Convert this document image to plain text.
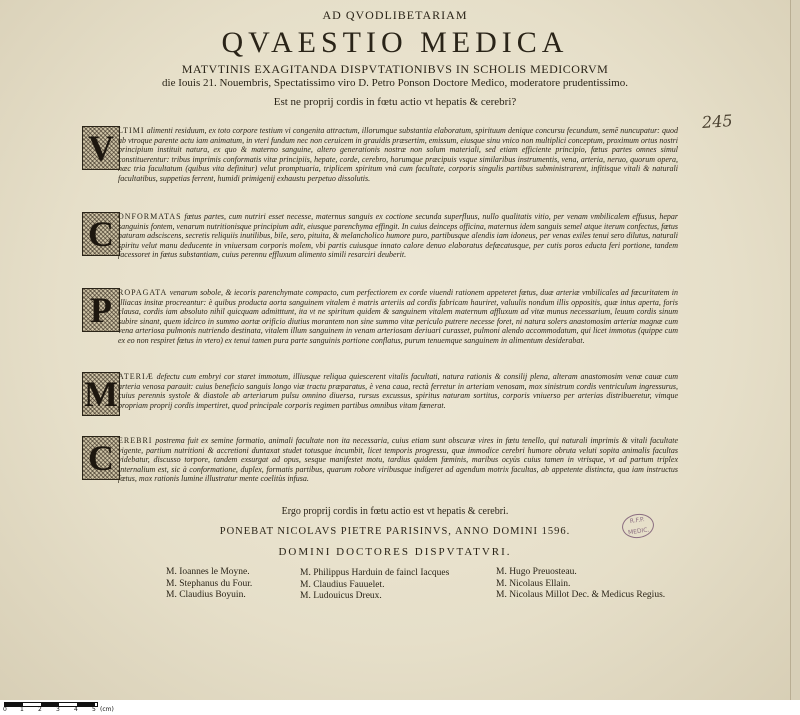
AD QVODLIBETARIAM
QVAESTIO MEDICA
MATVTINIS EXAGITANDA DISPVTATIONIBVS IN SCHOLIS MEDICORVM
die Iouis 21. Nouembris, Spectatissimo viro D. Petro Ponson Doctore Medico, moderatore prudentissimo.
Est ne proprij cordis in fœtu actio vt hepatis & cerebri?
245
V LTIMI alimenti residuum, ex toto corpore testium vi congenita attractum, illorumque substantia elaboratum, spirituum denique concursu fecundum, semē nuncupatur: quod ab vtroque parente actu iam animatum, in vteri fundum nec non ceruicem in grauidis præsertim, emissum, eiusque sinu vnico non multiplici conceptum, proximum ortus nostri principium instituit natura, ex quo & materno sanguine, altero generationis nostræ non solum materiali, sed etiam efficiente principio, fœtus partes omnes simul constituerentur: tribus imprimis conformatis vitæ principiis, hepate, corde, cerebro, horumque præcipuis vsque similaribus instrumentis, vena, arteria, neruo, quorum opera, hæc tria facultatum (quibus vita definitur) velut promptuaria, triplicem spiritum vnà cum facultate, corporis singulis partibus subministrarent, infitisque vitali & naturali facultatibus, suppetias ferrent, humidi primigenij exhaustu perpetuo dissolutis.
C ONFORMATAS fœtus partes, cum nutriri esset necesse, maternus sanguis ex coctione secunda superfluus, nullo qualitatis vitio, per venam vmbilicalem effusus, hepar sanguinis fontem, venarum nutritionisque principium adit, eiusque parenchyma effingit. In cuius deinceps officina, maternus idem sanguis semel atque iterum confectus, fœtus naturam adsciscens, secretis reliquiis inutilibus, bile, sero, pituita, & melancholico humore puro, partibusque alendis iam idoneus, per venas exiles tenui sero dilutus, naturali spiritu velut manu deducente in vniuersam corporis molem, vbi partis cuiusque innato calore denuo elaboratus defæcatusque, per cutis poros educta feri portione, tandem facessoret in fœtus substantiam, cuius perennu effluxum alimento simili resarciri deuberit.
P ROPAGATA venarum sobole, & iecoris parenchymate compacto, cum perfectiorem ex corde viuendi rationem appeteret fœtus, duæ arteriæ vmbilicales ad fœcuritatem in illiacas insitæ procreantur: è quibus producta aorta sanguinem vitalem è matris arteriis ad cordis fabricam hauriret, valuulis nondum illis oppositis, quæ intus aperta, foris clausa, cordis iam absoluto nihil quicquam admitttunt, ita vt ne spiritum quidem & sanguinem vitalem maternum affluxum ad vitæ munus necessarium, leuum cordis sinum subire sinant, quem idcirco in summo aortæ orificio diutius morantem non sine summo vitæ periculo putrere necesse foret, ni natura solers anastomosim arteriæ magnæ cum vena arteriosa pulmonis nutriendo destinata, vitalem illum sanguinem in venam arteriosam deriuari curasset, pulmoni alendo accommodatum, qui licet immotus (quippe cum ex eo non respiret fœtus in vtero) ex tenui tamen pura parte sanguinis portione conflatus, purum tenuemque sanguinem in alimentum desiderabat.
M ATERIÆ defectu cum embryi cor staret immotum, illiusque reliqua quiescerent vitalis facultati, natura rationis & consilij plena, alteram anastomosim venæ cauæ cum arteria venosa parauit: cuius beneficio sanguis longo viæ tractu præparatus, è vena caua, rectà ferretur in arteriam venosam, mox sinistrum cordis ventriculum ingressurus, cuius perennis systole & diastole ab arteriarum pulsu omnino diuersa, rursus excussus, spiritus naturam sortitus, corporis vniuerso per arterias distribueretur, vimque propriam proprij cordis impertiret, quod principale corporis regimen partibus omnibus vitam fœnerat.
C EREBRI postrema fuit ex semine formatio, animali facultate non ita necessaria, cuius etiam sunt obscuræ vires in fœtu tenello, qui naturali imprimis & vitali facultate vigente, partium nutritioni & accretioni duntaxat studet totusque incumbit, licet temporis progressu, quæ immodice cerebri humore obruta veluti sopita animalis facultas videbatur, discusso torpore, tandem exsurgat ad opus, sesque manifestet motu, tardius quidem fœminis, maribus ocyùs cuius tamen in vtrisque, vt ad partum triplex internalium est, sic à conformatione, duplex, formatis partibus, quarum robore viribusque indigeret ad agendum motrix facultas, ab appetente distincta, qua iam instructus fœtus, mox rationis lumine illustratur mente coelitùs infusa.
Ergo proprij cordis in fœtu actio est vt hepatis & cerebri.
PONEBAT NICOLAVS PIETRE PARISINVS, ANNO DOMINI 1596.
DOMINI DOCTORES DISPVTATVRI.
R.F.P.
MEDIC.
M. Ioannes le Moyne.
M. Stephanus du Four.
M. Claudius Boyuin.
M. Philippus Harduin de faincl Iacques
M. Claudius Fauuelet.
M. Ludouicus Dreux.
M. Hugo Preuosteau.
M. Nicolaus Ellain.
M. Nicolaus Millot Dec. & Medicus Regius.
0 1 2 3 4 5 (cm)
